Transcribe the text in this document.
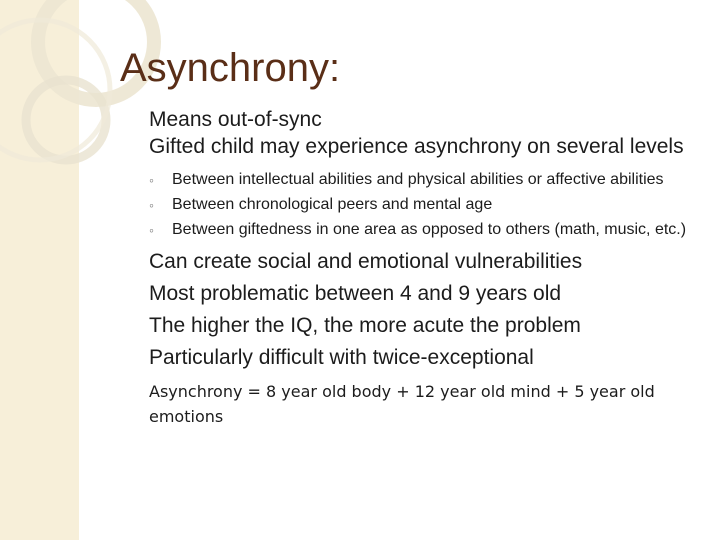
Asynchrony:

Means out-of-sync

Gifted child may experience asynchrony on several levels

◦ Between intellectual abilities and physical abilities or affective abilities

◦ Between chronological peers and mental age

◦ Between giftedness in one area as opposed to others (math, music, etc.)

Can create social and emotional vulnerabilities

Most problematic between 4 and 9 years old

The higher the IQ, the more acute the problem

Particularly difficult with twice-exceptional

Asynchrony = 8 year old body + 12 year old mind + 5 year old emotions
